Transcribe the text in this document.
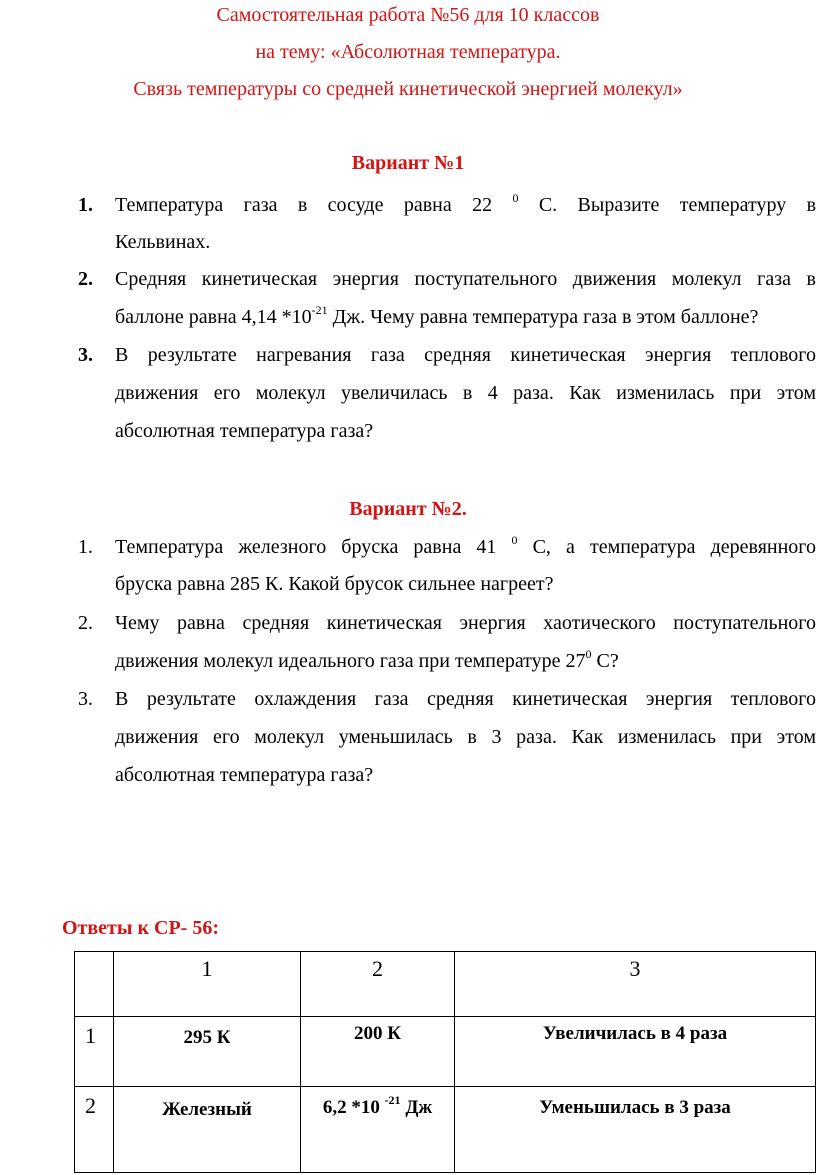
Самостоятельная работа №56 для 10 классов
на тему: «Абсолютная температура.
Связь температуры со средней кинетической энергией молекул»
Вариант №1
1.	Температура газа в сосуде равна 22 $^0$ С. Выразите температуру в
Кельвинах.
2.	Средняя кинетическая энергия поступательного движения молекул газа в
баллоне равна 4,14 $*10^{-21}$ Дж. Чему равна температура газа в этом баллоне?
3.	В результате нагревания газа средняя кинетическая энергия теплового
движения его молекул увеличилась в 4 раза. Как изменилась при этом
абсолютная температура газа?
Вариант №2.
1.	Температура железного бруска равна 41 $^0$ С, а температура деревянного
бруска равна 285 К. Какой брусок сильнее нагреет?
2.	Чему равна средняя кинетическая энергия хаотического поступательного
движения молекул идеального газа при температуре $27^0$ С?
3.	В результате охлаждения газа средняя кинетическая энергия теплового
движения его молекул уменьшилась в 3 раза. Как изменилась при этом
абсолютная температура газа?
Ответы к СР- 56:
	1	2	3
1	295 К	200 К	Увеличилась в 4 раза
2	Железный	6,2 *10 $^{-21}$ Дж	Уменьшилась в 3 раза
